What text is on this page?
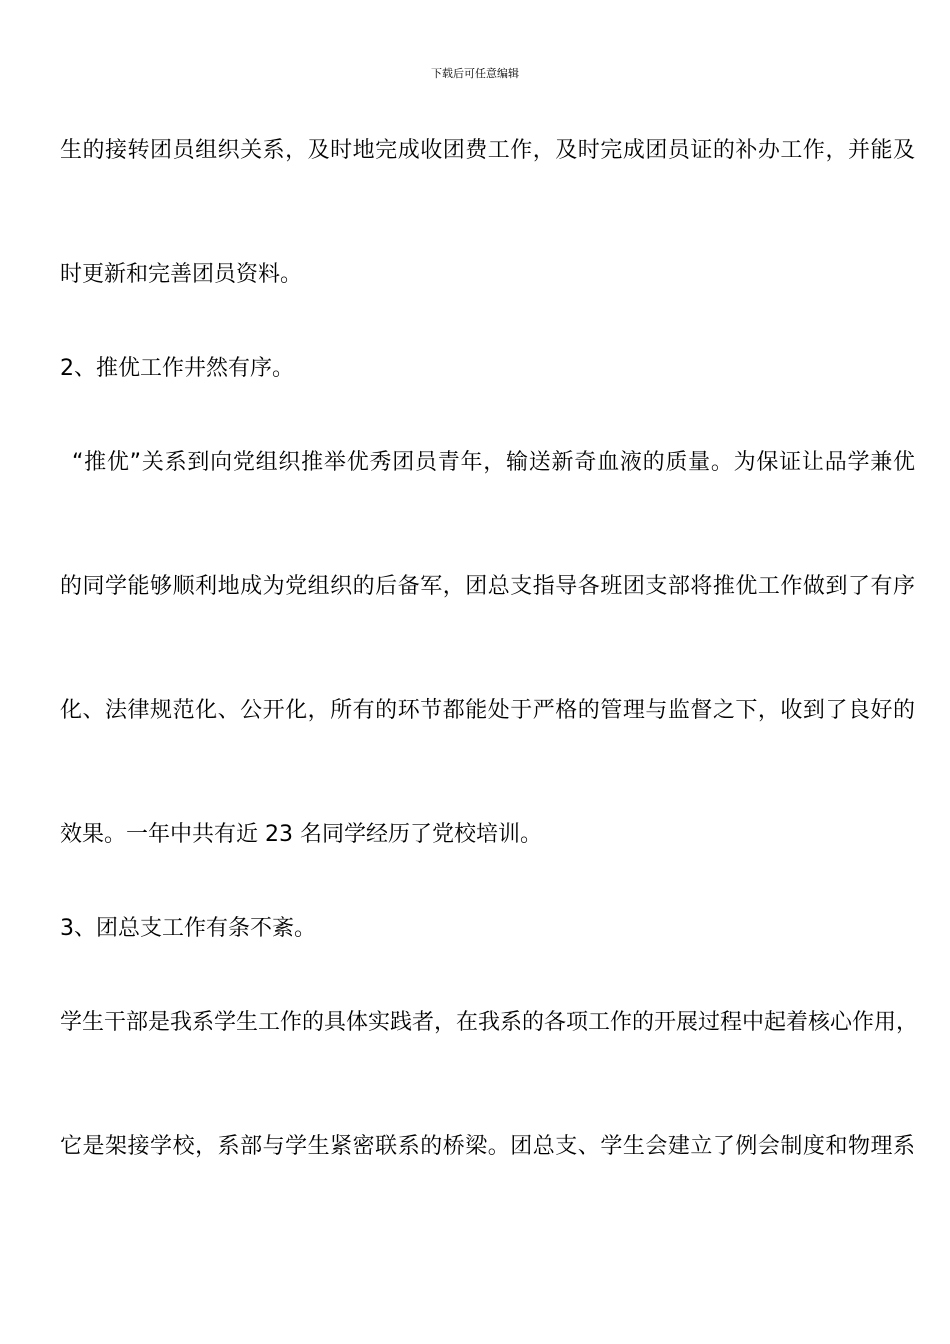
下载后可任意编辑
生的接转团员组织关系，及时地完成收团费工作，及时完成团员证的补办工作，并能及
时更新和完善团员资料。
2、推优工作井然有序。
“推优”关系到向党组织推举优秀团员青年，输送新奇血液的质量。为保证让品学兼优
的同学能够顺利地成为党组织的后备军，团总支指导各班团支部将推优工作做到了有序
化、法律规范化、公开化，所有的环节都能处于严格的管理与监督之下，收到了良好的
效果。一年中共有近 23 名同学经历了党校培训。
3、团总支工作有条不紊。
学生干部是我系学生工作的具体实践者，在我系的各项工作的开展过程中起着核心作用，
它是架接学校，系部与学生紧密联系的桥梁。团总支、学生会建立了例会制度和物理系
